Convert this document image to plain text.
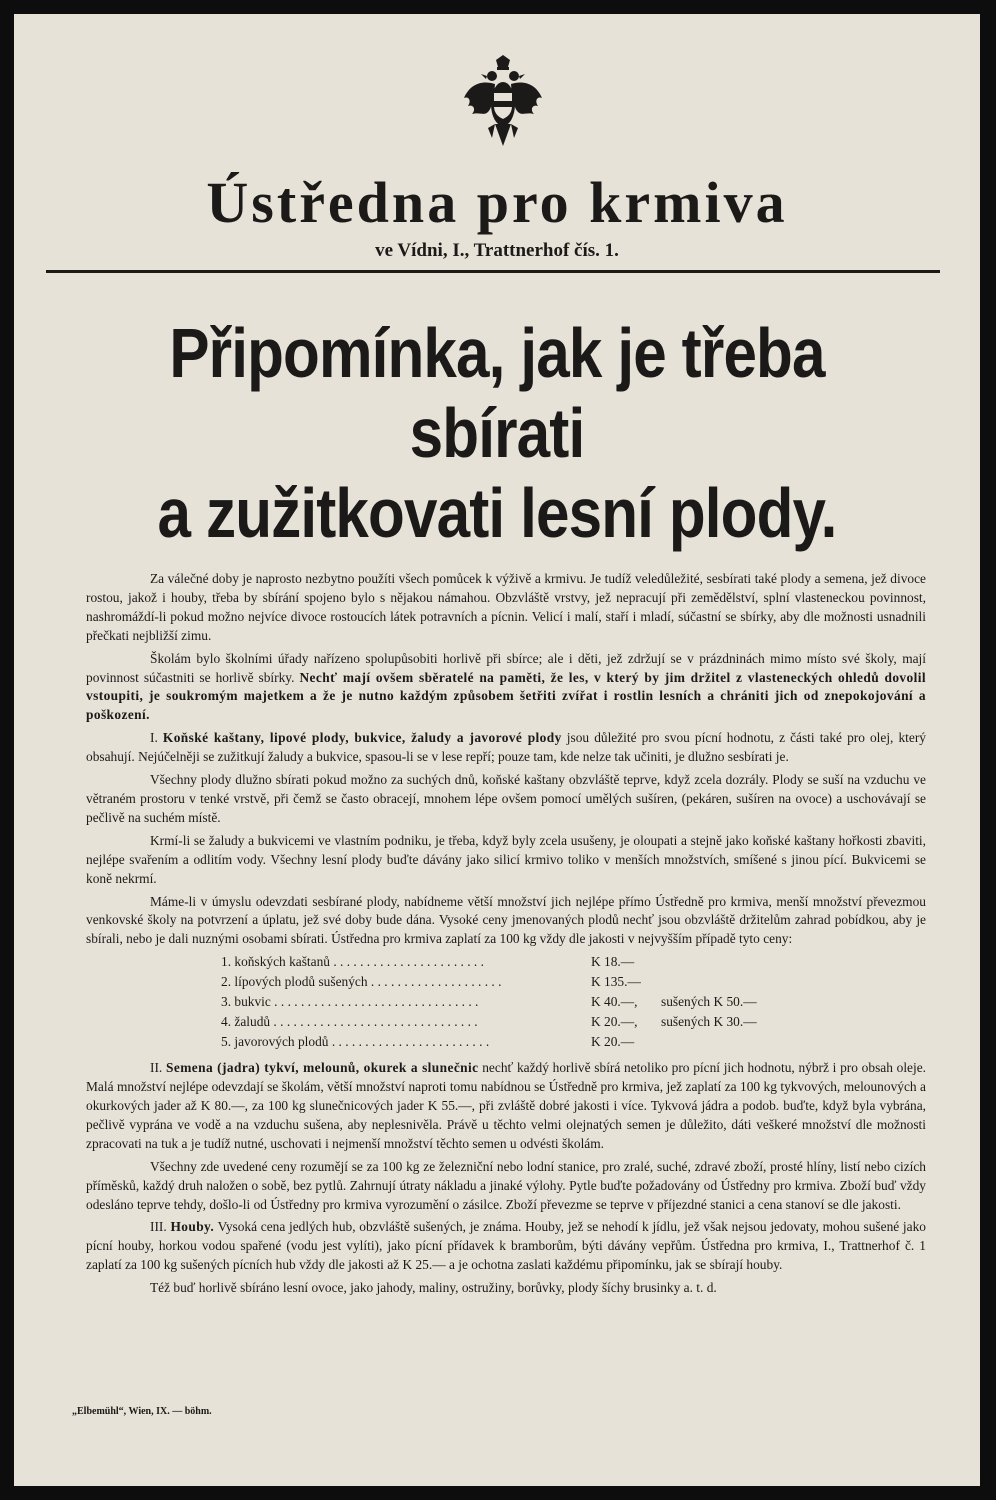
Ústředna pro krmiva

ve Vídni, I., Trattnerhof čís. 1.

Připomínka, jak je třeba sbírati
a zužitkovati lesní plody.

Za válečné doby je naprosto nezbytno použíti všech pomůcek k výživě a krmivu. Je tudíž veledůležité, sesbírati také plody a semena, jež divoce rostou, jakož i houby, třeba by sbírání spojeno bylo s nějakou námahou. Obzvláště vrstvy, jež nepracují při zemědělství, splní vlasteneckou povinnost, nashromáždí-li pokud možno nejvíce divoce rostoucích látek potravních a pícnin. Velicí i malí, staří i mladí, súčastní se sbírky, aby dle možnosti usnadnili přečkati nejbližší zimu.

Školám bylo školními úřady nařízeno spolupůsobiti horlivě při sbírce; ale i děti, jež zdržují se v prázdninách mimo místo své školy, mají povinnost súčastniti se horlivě sbírky. Nechť mají ovšem sběratelé na paměti, že les, v který by jim držitel z vlasteneckých ohledů dovolil vstoupiti, je soukromým majetkem a že je nutno každým způsobem šetřiti zvířat i rostlin lesních a chrániti jich od znepokojování a poškození.

I. Koňské kaštany, lipové plody, bukvice, žaludy a javorové plody jsou důležité pro svou pícní hodnotu, z části také pro olej, který obsahují. Nejúčelněji se zužitkují žaludy a bukvice, spasou-li se v lese repří; pouze tam, kde nelze tak učiniti, je dlužno sesbírati je.

Všechny plody dlužno sbírati pokud možno za suchých dnů, koňské kaštany obzvláště teprve, když zcela dozrály. Plody se suší na vzduchu ve větraném prostoru v tenké vrstvě, při čemž se často obracejí, mnohem lépe ovšem pomocí umělých sušíren, (pekáren, sušíren na ovoce) a uschovávají se pečlivě na suchém místě.

Krmí-li se žaludy a bukvicemi ve vlastním podniku, je třeba, když byly zcela usušeny, je oloupati a stejně jako koňské kaštany hořkosti zbaviti, nejlépe svařením a odlitím vody. Všechny lesní plody buďte dávány jako silicí krmivo toliko v menších množstvích, smíšené s jinou pící. Bukvicemi se koně nekrmí.

Máme-li v úmyslu odevzdati sesbírané plody, nabídneme větší množství jich nejlépe přímo Ústředně pro krmiva, menší množství převezmou venkovské školy na potvrzení a úplatu, jež své doby bude dána. Vysoké ceny jmenovaných plodů nechť jsou obzvláště držitelům zahrad pobídkou, aby je sbírali, nebo je dali nuznými osobami sbírati. Ústředna pro krmiva zaplatí za 100 kg vždy dle jakosti v nejvyšším případě tyto ceny:

1. koňských kaštanů . . . . . . . . . . . . . . . . . . . . . . .	K 18.—
2. lípových plodů sušených . . . . . . . . . . . . . . . . . . . .	K 135.—
3. bukvic . . . . . . . . . . . . . . . . . . . . . . . . . . . . . . .	K 40.—,	sušených K 50.—
4. žaludů . . . . . . . . . . . . . . . . . . . . . . . . . . . . . . .	K 20.—,	sušených K 30.—
5. javorových plodů . . . . . . . . . . . . . . . . . . . . . . . .	K 20.—

II. Semena (jadra) tykví, melounů, okurek a slunečnic nechť každý horlivě sbírá netoliko pro pícní jich hodnotu, nýbrž i pro obsah oleje. Malá množství nejlépe odevzdají se školám, větší množství naproti tomu nabídnou se Ústředně pro krmiva, jež zaplatí za 100 kg tykvových, melounových a okurkových jader až K 80.—, za 100 kg slunečnicových jader K 55.—, při zvláště dobré jakosti i více. Tykvová jádra a podob. buďte, když byla vybrána, pečlivě vyprána ve vodě a na vzduchu sušena, aby neplesnivěla. Právě u těchto velmi olejnatých semen je důležito, dáti veškeré množství dle možnosti zpracovati na tuk a je tudíž nutné, uschovati i nejmenší množství těchto semen u odvésti školám.

Všechny zde uvedené ceny rozumějí se za 100 kg ze železniční nebo lodní stanice, pro zralé, suché, zdravé zboží, prosté hlíny, listí nebo cizích příměsků, každý druh naložen o sobě, bez pytlů. Zahrnují útraty nákladu a jinaké výlohy. Pytle buďte požadovány od Ústředny pro krmiva. Zboží buď vždy odesláno teprve tehdy, došlo-li od Ústředny pro krmiva vyrozumění o zásilce. Zboží převezme se teprve v příjezdné stanici a cena stanoví se dle jakosti.

III. Houby. Vysoká cena jedlých hub, obzvláště sušených, je známa. Houby, jež se nehodí k jídlu, jež však nejsou jedovaty, mohou sušené jako pícní houby, horkou vodou spařené (vodu jest vylíti), jako pícní přídavek k bramborům, býti dávány vepřům. Ústředna pro krmiva, I., Trattnerhof č. 1 zaplatí za 100 kg sušených pícních hub vždy dle jakosti až K 25.— a je ochotna zaslati každému připomínku, jak se sbírají houby.

Též buď horlivě sbíráno lesní ovoce, jako jahody, maliny, ostružiny, borůvky, plody šíchy brusinky a. t. d.

„Elbemühl“, Wien, IX. — böhm.
